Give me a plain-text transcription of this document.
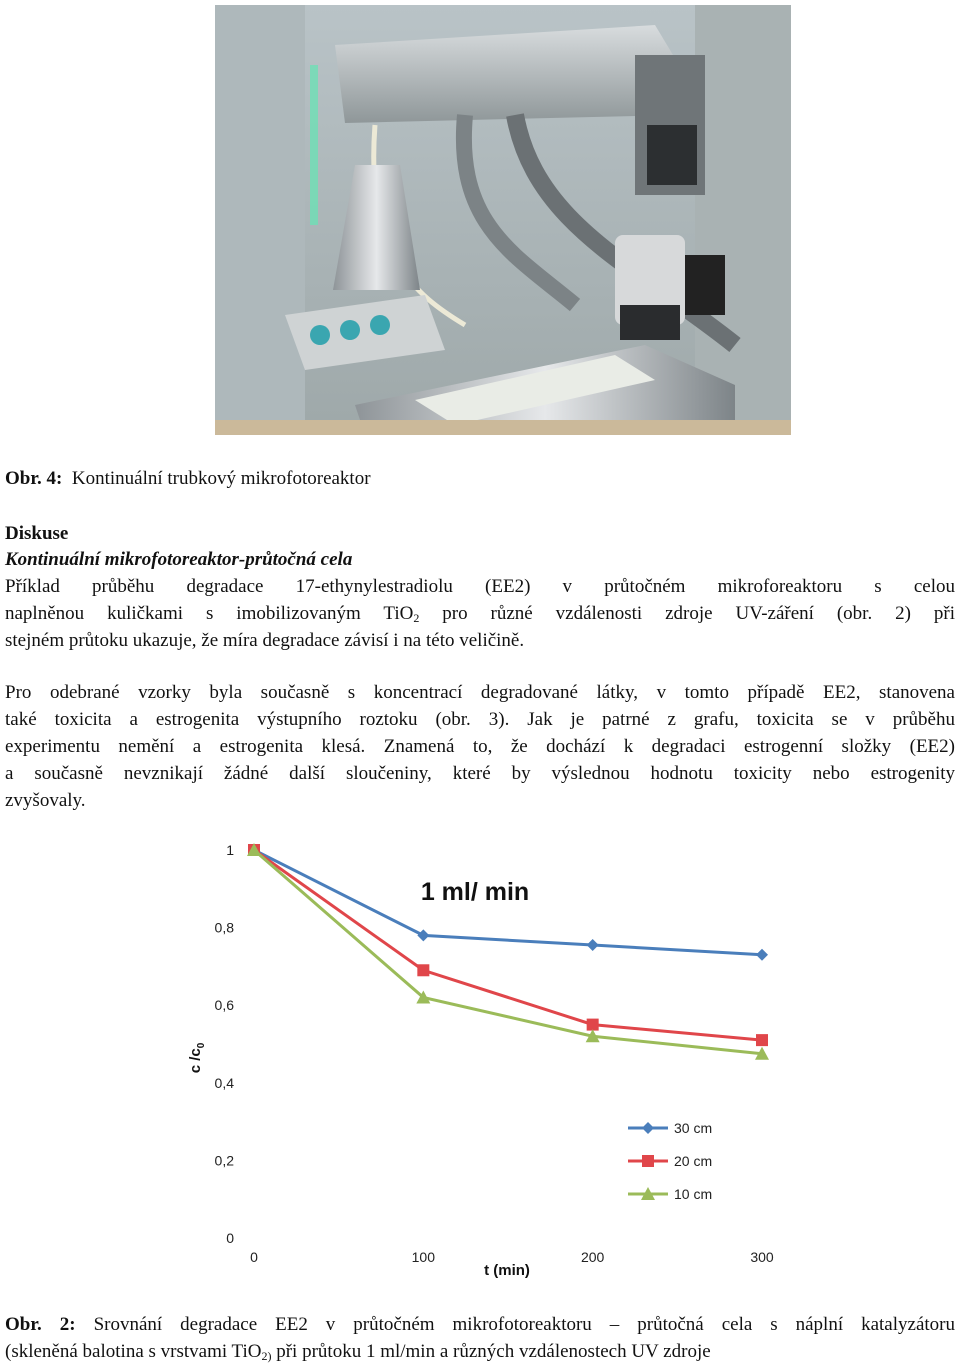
Obr. 4: Kontinuální trubkový mikrofotoreaktor
Diskuse
Kontinuální mikrofotoreaktor-průtočná cela
Příklad průběhu degradace 17-ethynylestradiolu (EE2) v průtočném mikroforeaktoru s celou
naplněnou kuličkami s imobilizovaným TiO$_2$ pro různé vzdálenosti zdroje UV-záření (obr. 2) při
stejném průtoku ukazuje, že míra degradace závisí i na této veličině.
Pro odebrané vzorky byla současně s koncentrací degradované látky, v tomto případě EE2, stanovena
také toxicita a estrogenita výstupního roztoku (obr. 3). Jak je patrné z grafu, toxicita se v průběhu
experimentu nemění a estrogenita klesá. Znamená to, že dochází k degradaci estrogenní složky (EE2)
a současně nevznikají žádné další sloučeniny, které by výslednou hodnotu toxicity nebo estrogenity
zvyšovaly.
c $/c_0$
1 ml/ min
t (min)
0
0,2
0,4
0,6
0,8
1
0	100	200	300
30 cm
20 cm
10 cm
Obr. 2: Srovnání degradace EE2 v průtočném mikrofotoreaktoru – průtočná cela s náplní katalyzátoru
(skleněná balotina s vrstvami TiO$_{2)}$ při průtoku 1 ml/min a různých vzdálenostech UV zdroje
